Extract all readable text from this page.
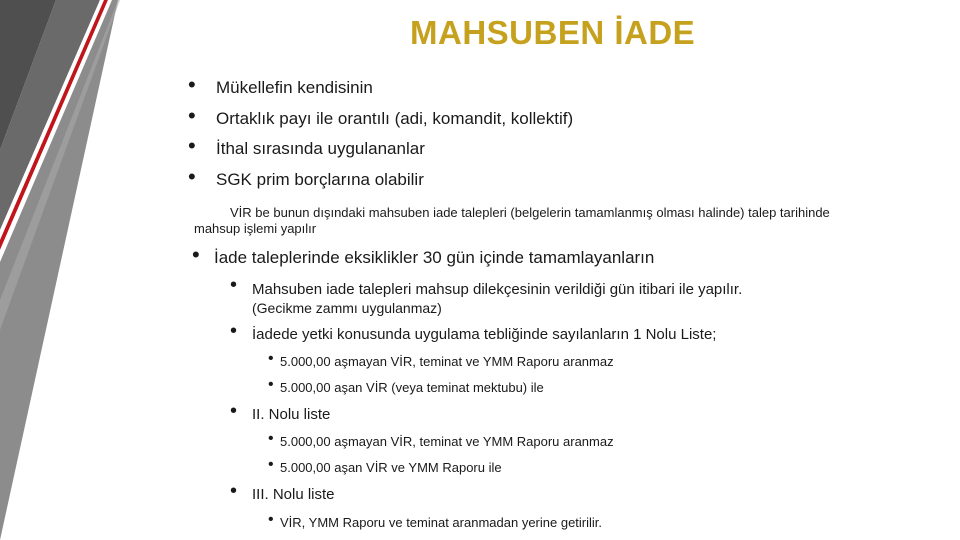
MAHSUBEN İADE
• Mükellefin kendisinin
• Ortaklık payı ile orantılı (adi, komandit, kollektif)
• İthal sırasında uygulananlar
• SGK prim borçlarına olabilir
VİR be bunun dışındaki mahsuben iade talepleri (belgelerin tamamlanmış olması halinde) talep tarihinde
mahsup işlemi yapılır
• İade taleplerinde eksiklikler 30 gün içinde tamamlayanların
• Mahsuben iade talepleri mahsup dilekçesinin verildiği gün itibari ile yapılır.
(Gecikme zammı uygulanmaz)
• İadede yetki konusunda uygulama tebliğinde sayılanların 1 Nolu Liste;
• 5.000,00 aşmayan VİR, teminat ve YMM Raporu aranmaz
• 5.000,00 aşan VİR (veya teminat mektubu) ile
• II. Nolu liste
• 5.000,00 aşmayan VİR, teminat ve YMM Raporu aranmaz
• 5.000,00 aşan VİR ve YMM Raporu ile
• III. Nolu liste
• VİR, YMM Raporu ve teminat aranmadan yerine getirilir.
